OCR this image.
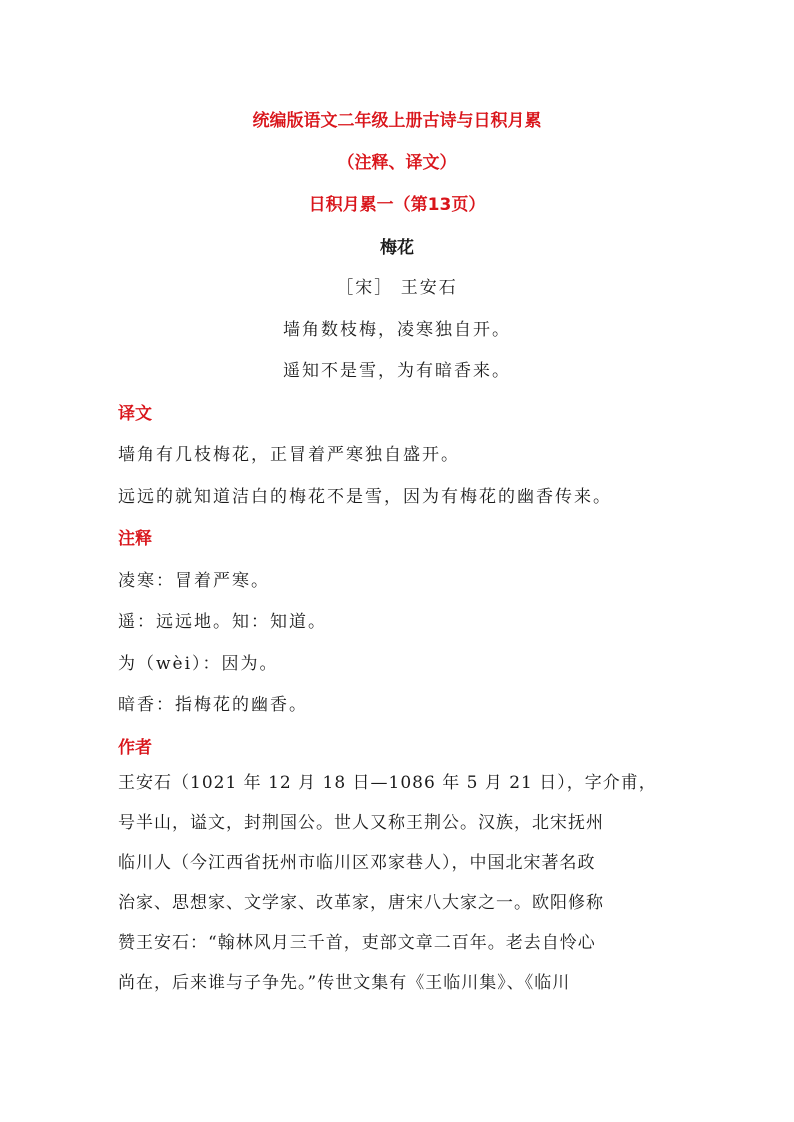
统编版语文二年级上册古诗与日积月累
（注释、译文）
日积月累一（第13页）
梅花
［宋］ 王安石
墙角数枝梅，凌寒独自开。
遥知不是雪，为有暗香来。
译文
墙角有几枝梅花，正冒着严寒独自盛开。
远远的就知道洁白的梅花不是雪，因为有梅花的幽香传来。
注释
凌寒：冒着严寒。
遥：远远地。知：知道。
为（wèi）：因为。
暗香：指梅花的幽香。
作者
王安石（1021 年 12 月 18 日—1086 年 5 月 21 日），字介甫，
号半山，谥文，封荆国公。世人又称王荆公。汉族，北宋抚州
临川人（今江西省抚州市临川区邓家巷人），中国北宋著名政
治家、思想家、文学家、改革家，唐宋八大家之一。欧阳修称
赞王安石：“翰林风月三千首，吏部文章二百年。老去自怜心
尚在，后来谁与子争先。”传世文集有《王临川集》、《临川
